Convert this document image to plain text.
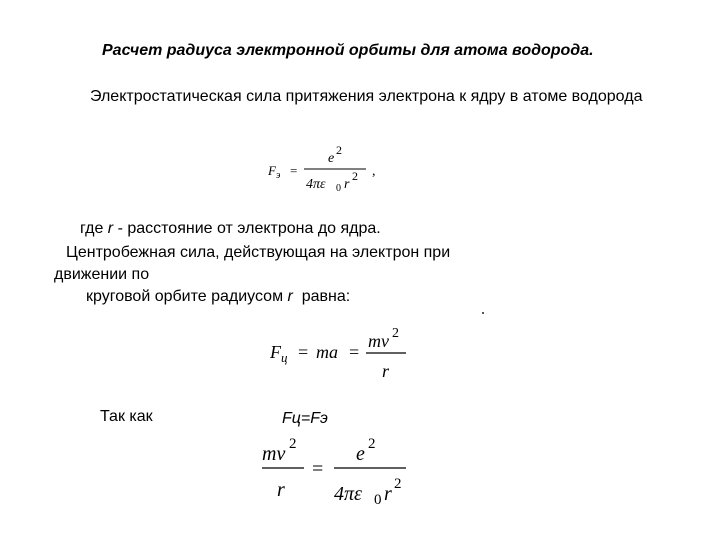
Расчет радиуса электронной орбиты для атома водорода.
Электростатическая сила притяжения электрона к ядру в атоме водорода
F э =
e
2
4πε 0 r
2 ,
где r - расстояние от электрона до ядра.
Центробежная сила, действующая на электрон при
движении по
круговой орбите радиусом r  равна:
F ц = ma =
mv 2
r
Так как	Fц=Fэ
mv 2
r
=
e 2
4πε 0 r 2
